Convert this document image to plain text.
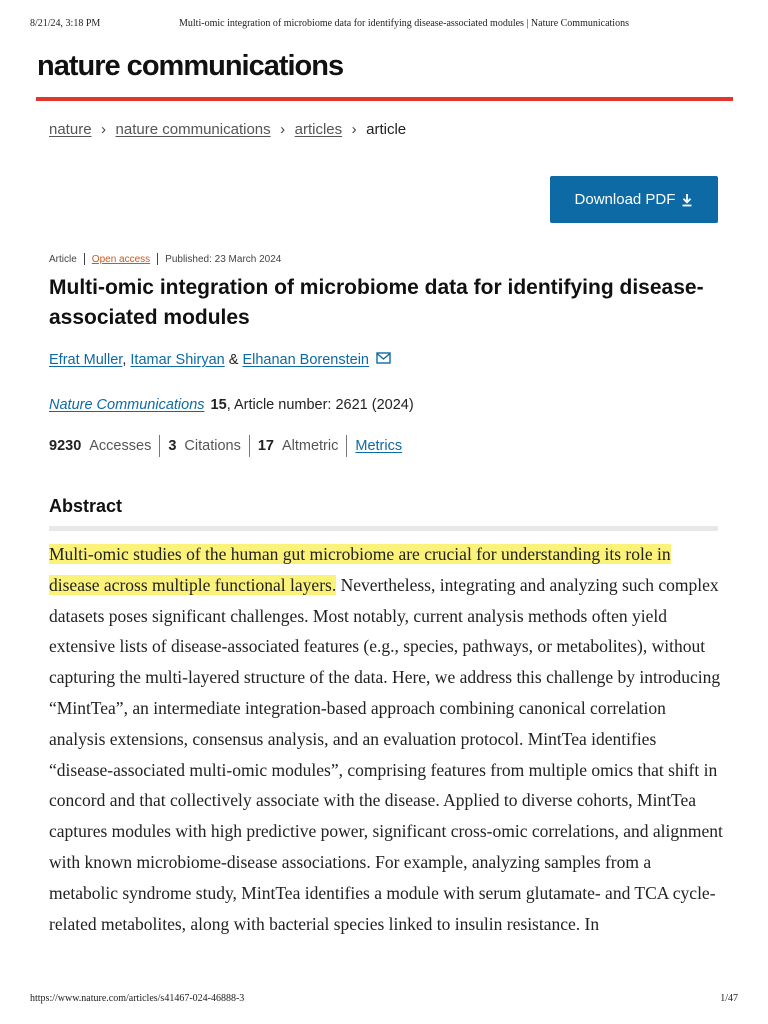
8/21/24, 3:18 PM	Multi-omic integration of microbiome data for identifying disease-associated modules | Nature Communications
nature communications
nature › nature communications › articles › article
Download PDF
Article Open access Published: 23 March 2024
Multi-omic integration of microbiome data for identifying disease-associated modules
Efrat Muller, Itamar Shiryan & Elhanan Borenstein
Nature Communications 15, Article number: 2621 (2024)
9230 Accesses 3 Citations 17 Altmetric Metrics
Abstract

Multi-omic studies of the human gut microbiome are crucial for understanding its role in disease across multiple functional layers. Nevertheless, integrating and analyzing such complex datasets poses significant challenges. Most notably, current analysis methods often yield extensive lists of disease-associated features (e.g., species, pathways, or metabolites), without capturing the multi-layered structure of the data. Here, we address this challenge by introducing “MintTea”, an intermediate integration-based approach combining canonical correlation analysis extensions, consensus analysis, and an evaluation protocol. MintTea identifies “disease-associated multi-omic modules”, comprising features from multiple omics that shift in concord and that collectively associate with the disease. Applied to diverse cohorts, MintTea captures modules with high predictive power, significant cross-omic correlations, and alignment with known microbiome-disease associations. For example, analyzing samples from a metabolic syndrome study, MintTea identifies a module with serum glutamate- and TCA cycle-related metabolites, along with bacterial species linked to insulin resistance. In

https://www.nature.com/articles/s41467-024-46888-3	1/47
